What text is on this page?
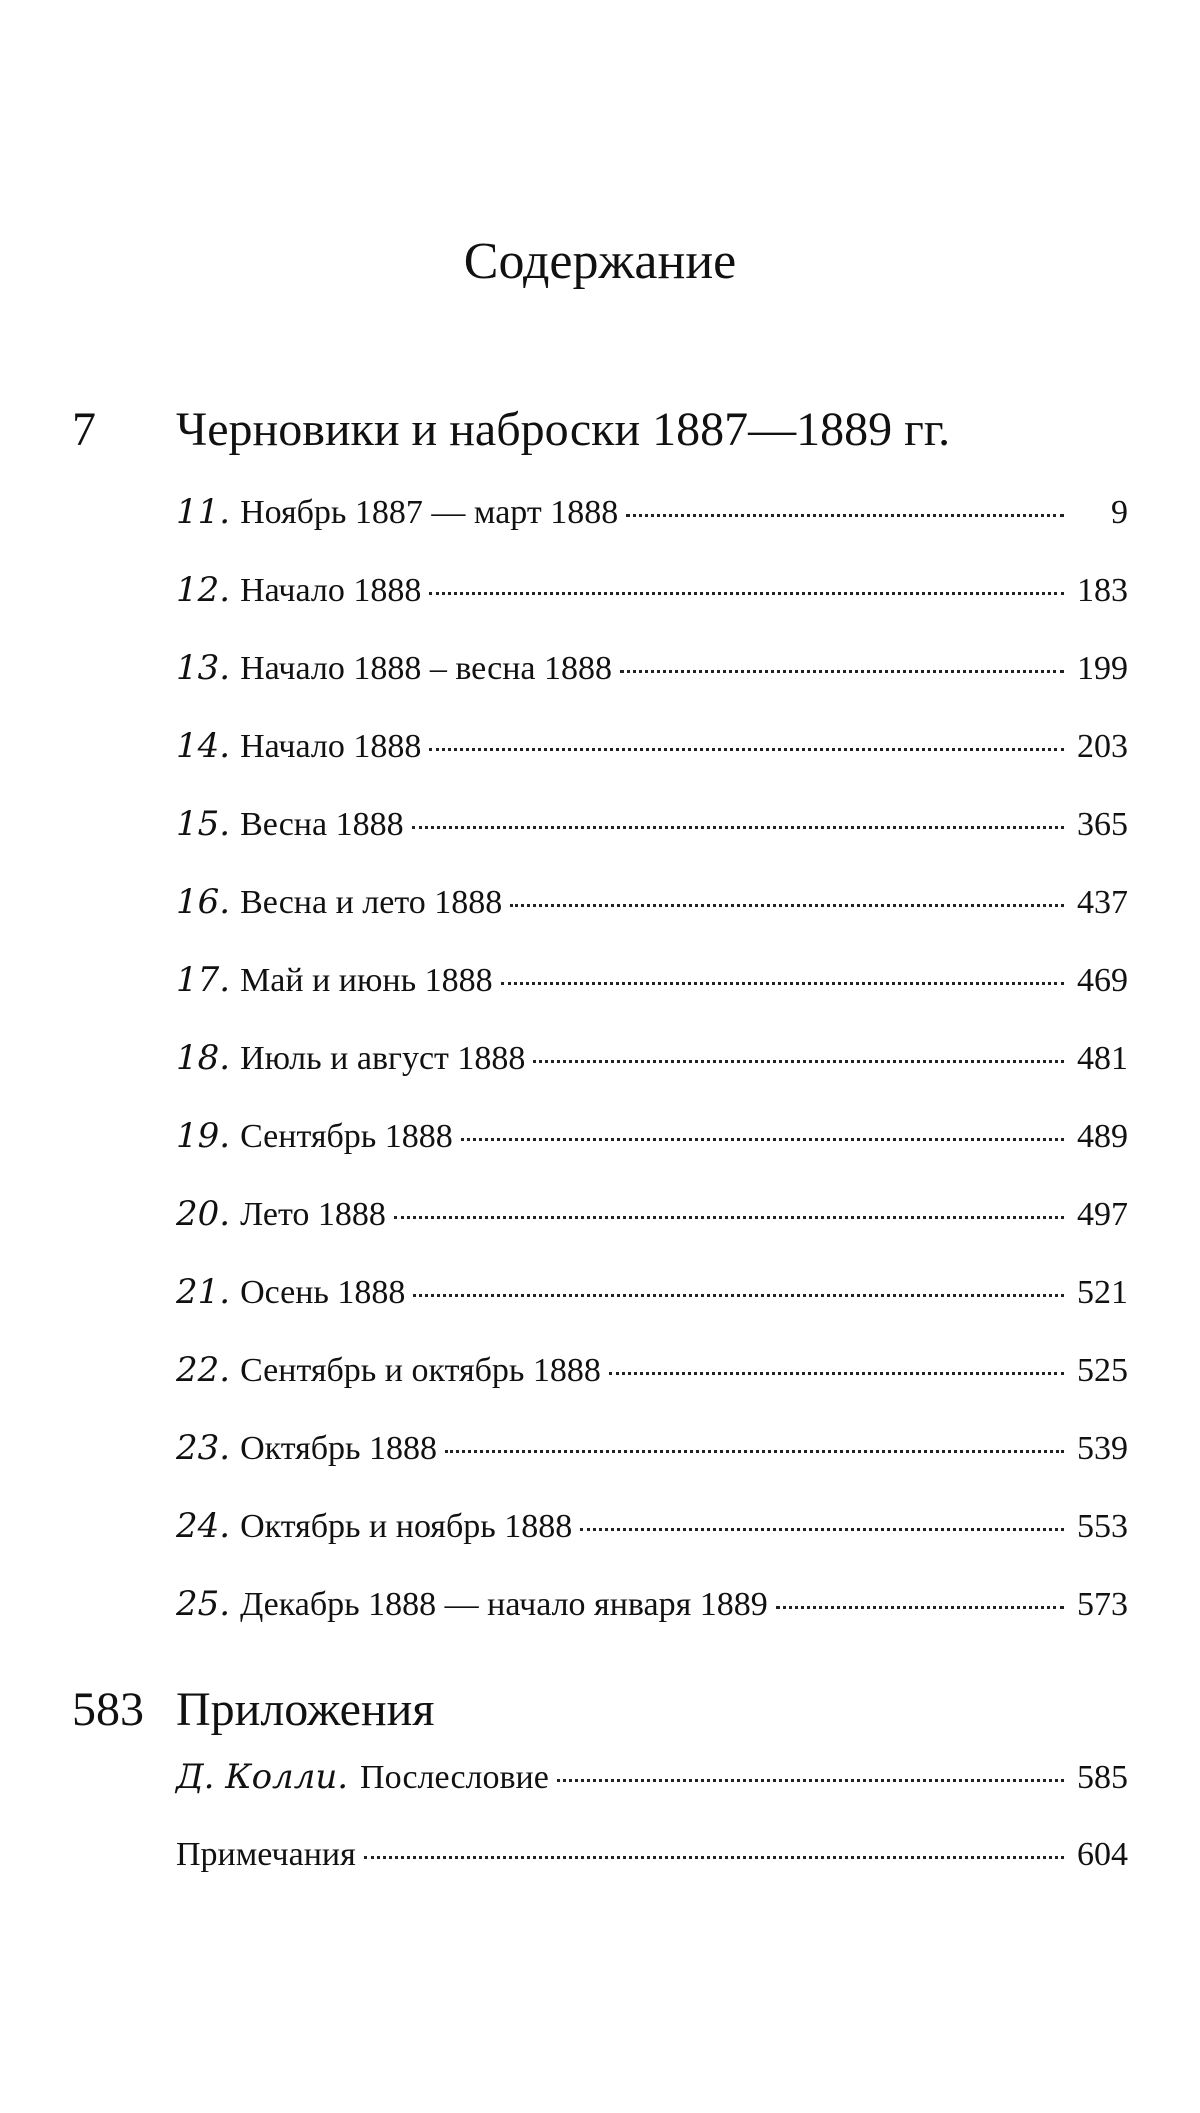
Содержание
7 Черновики и наброски 1887—1889 гг.
11. Ноябрь 1887 — март 1888	9
12. Начало 1888	183
13. Начало 1888 – весна 1888	199
14. Начало 1888	203
15. Весна 1888	365
16. Весна и лето 1888	437
17. Май и июнь 1888	469
18. Июль и август 1888	481
19. Сентябрь 1888	489
20. Лето 1888	497
21. Осень 1888	521
22. Сентябрь и октябрь 1888	525
23. Октябрь 1888	539
24. Октябрь и ноябрь 1888	553
25. Декабрь 1888 — начало января 1889	573
583 Приложения
Д. Колли. Послесловие	585
Примечания	604
